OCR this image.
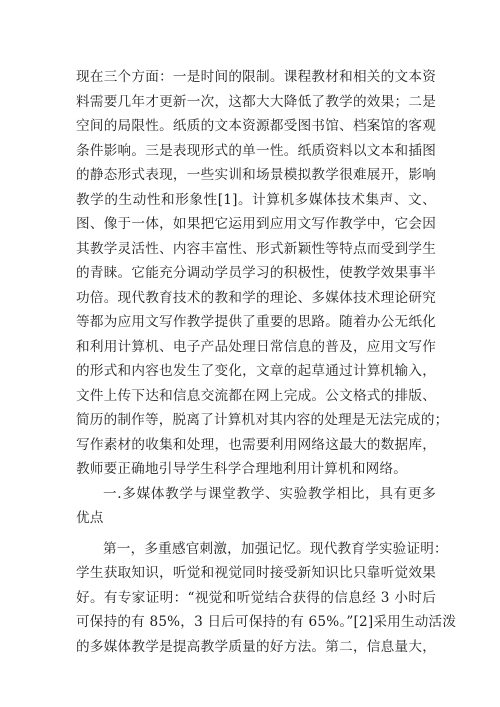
现在三个方面：一是时间的限制。课程教材和相关的文本资
料需要几年才更新一次，这都大大降低了教学的效果；二是
空间的局限性。纸质的文本资源都受图书馆、档案馆的客观
条件影响。三是表现形式的单一性。纸质资料以文本和插图
的静态形式表现，一些实训和场景模拟教学很难展开，影响
教学的生动性和形象性[1]。计算机多媒体技术集声、文、
图、像于一体，如果把它运用到应用文写作教学中，它会因
其教学灵活性、内容丰富性、形式新颖性等特点而受到学生
的青睐。它能充分调动学员学习的积极性，使教学效果事半
功倍。现代教育技术的教和学的理论、多媒体技术理论研究
等都为应用文写作教学提供了重要的思路。随着办公无纸化
和利用计算机、电子产品处理日常信息的普及，应用文写作
的形式和内容也发生了变化，文章的起草通过计算机输入，
文件上传下达和信息交流都在网上完成。公文格式的排版、
简历的制作等，脱离了计算机对其内容的处理是无法完成的；
写作素材的收集和处理，也需要利用网络这最大的数据库，
教师要正确地引导学生科学合理地利用计算机和网络。
一.多媒体教学与课堂教学、实验教学相比，具有更多
优点
第一，多重感官刺激，加强记忆。现代教育学实验证明：
学生获取知识，听觉和视觉同时接受新知识比只靠听觉效果
好。有专家证明：“视觉和听觉结合获得的信息经 3 小时后
可保持的有 85%，3 日后可保持的有 65%。”[2]采用生动活泼
的多媒体教学是提高教学质量的好方法。第二，信息量大，
